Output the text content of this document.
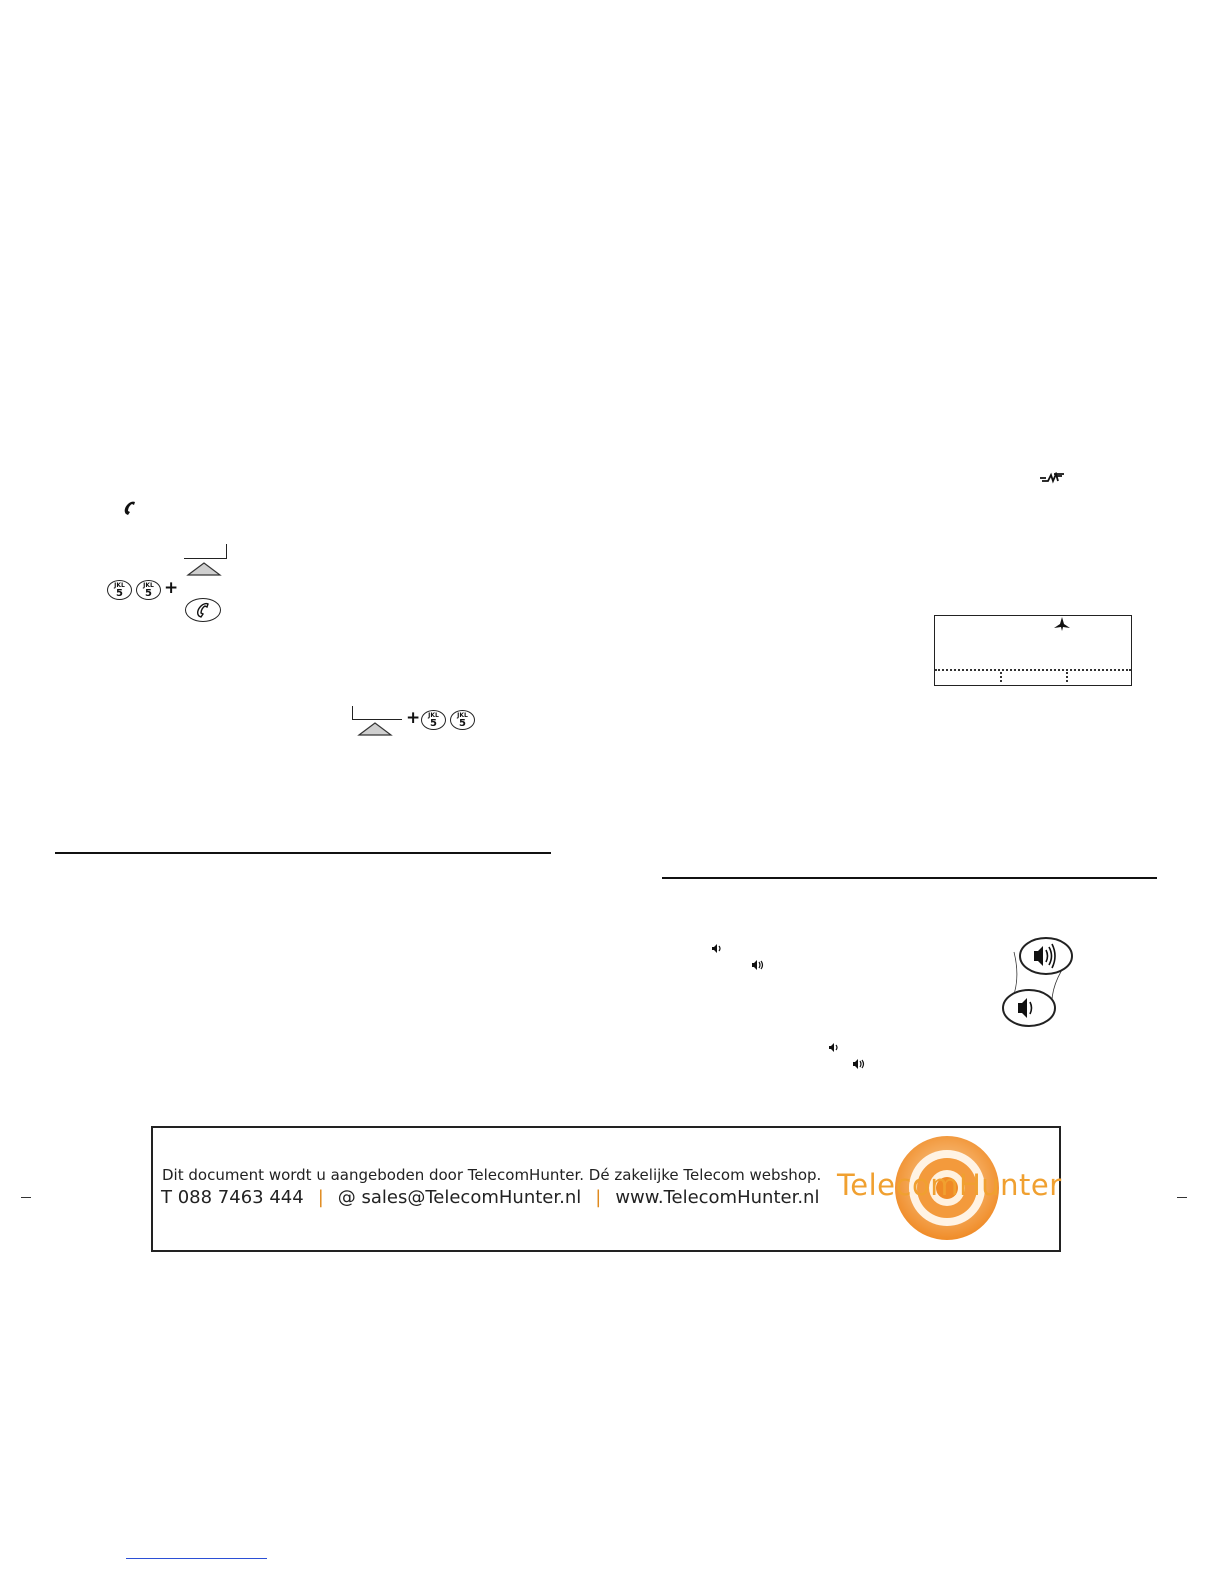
JKL
5
JKL
5 +
+	JKL
5
JKL
5
Dit document wordt u aangeboden door TelecomHunter. Dé zakelijke Telecom webshop.
T 088 7463 444 | @ sales@TelecomHunter.nl | www.TelecomHunter.nl TelecomHunter
